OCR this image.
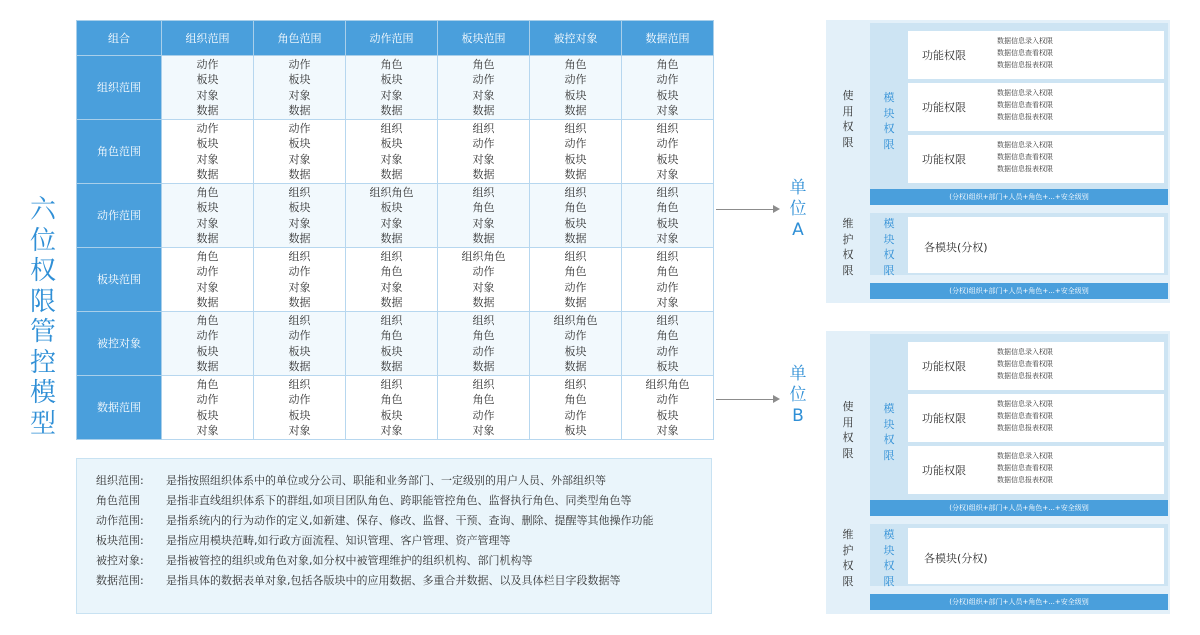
六
位
权
限
管
控
模
型
组合	组织范围	角色范围	动作范围	板块范围	被控对象	数据范围
组织范围	动作
板块
对象
数据	动作
板块
对象
数据	角色
板块
对象
数据	角色
动作
对象
数据	角色
动作
板块
数据	角色
动作
板块
对象

角色范围	动作
板块
对象
数据	动作
板块
对象
数据	组织
板块
对象
数据	组织
动作
对象
数据	组织
动作
板块
数据	组织
动作
板块
对象

动作范围	角色
板块
对象
数据	组织
板块
对象
数据	组织角色
板块
对象
数据	组织
角色
对象
数据	组织
角色
板块
数据	组织
角色
板块
对象

板块范围	角色
动作
对象
数据	组织
动作
对象
数据	组织
角色
对象
数据	组织角色
动作
对象
数据	组织
角色
动作
数据	组织
角色
动作
对象

被控对象	角色
动作
板块
数据	组织
动作
板块
数据	组织
角色
板块
数据	组织
角色
动作
数据	组织角色
动作
板块
数据	组织
角色
动作
板块

数据范围	角色
动作
板块
对象	组织
动作
板块
对象	组织
角色
板块
对象	组织
角色
动作
对象	组织
角色
动作
板块	组织角色
动作
板块
对象
组织范围:	是指按照组织体系中的单位或分公司、职能和业务部门、一定级别的用户人员、外部组织等
角色范围	是指非直线组织体系下的群组,如项目团队角色、跨职能管控角色、监督执行角色、同类型角色等
动作范围:	是指系统内的行为动作的定义,如新建、保存、修改、监督、干预、查询、删除、提醒等其他操作功能
板块范围:	是指应用模块范畴,如行政方面流程、知识管理、客户管理、资产管理等
被控对象:	是指被管控的组织或角色对象,如分权中被管理维护的组织机构、部门机构等
数据范围:	是指具体的数据表单对象,包括各版块中的应用数据、多重合并数据、以及具体栏目字段数据等
单
位
A
单
位
B
使
用
权
限
模
块
权
限
功能权限
数据信息录入权限
数据信息查看权限
数据信息报表权限
功能权限
数据信息录入权限
数据信息查看权限
数据信息报表权限
功能权限
数据信息录入权限
数据信息查看权限
数据信息报表权限
(分权)组织+部门+人员+角色+...+安全级别
维
护
权
限
模
块
权
限
各模块(分权)
(分权)组织+部门+人员+角色+...+安全级别
使
用
权
限
模
块
权
限
功能权限
数据信息录入权限
数据信息查看权限
数据信息报表权限
功能权限
数据信息录入权限
数据信息查看权限
数据信息报表权限
功能权限
数据信息录入权限
数据信息查看权限
数据信息报表权限
(分权)组织+部门+人员+角色+...+安全级别
维
护
权
限
模
块
权
限
各模块(分权)
(分权)组织+部门+人员+角色+...+安全级别
